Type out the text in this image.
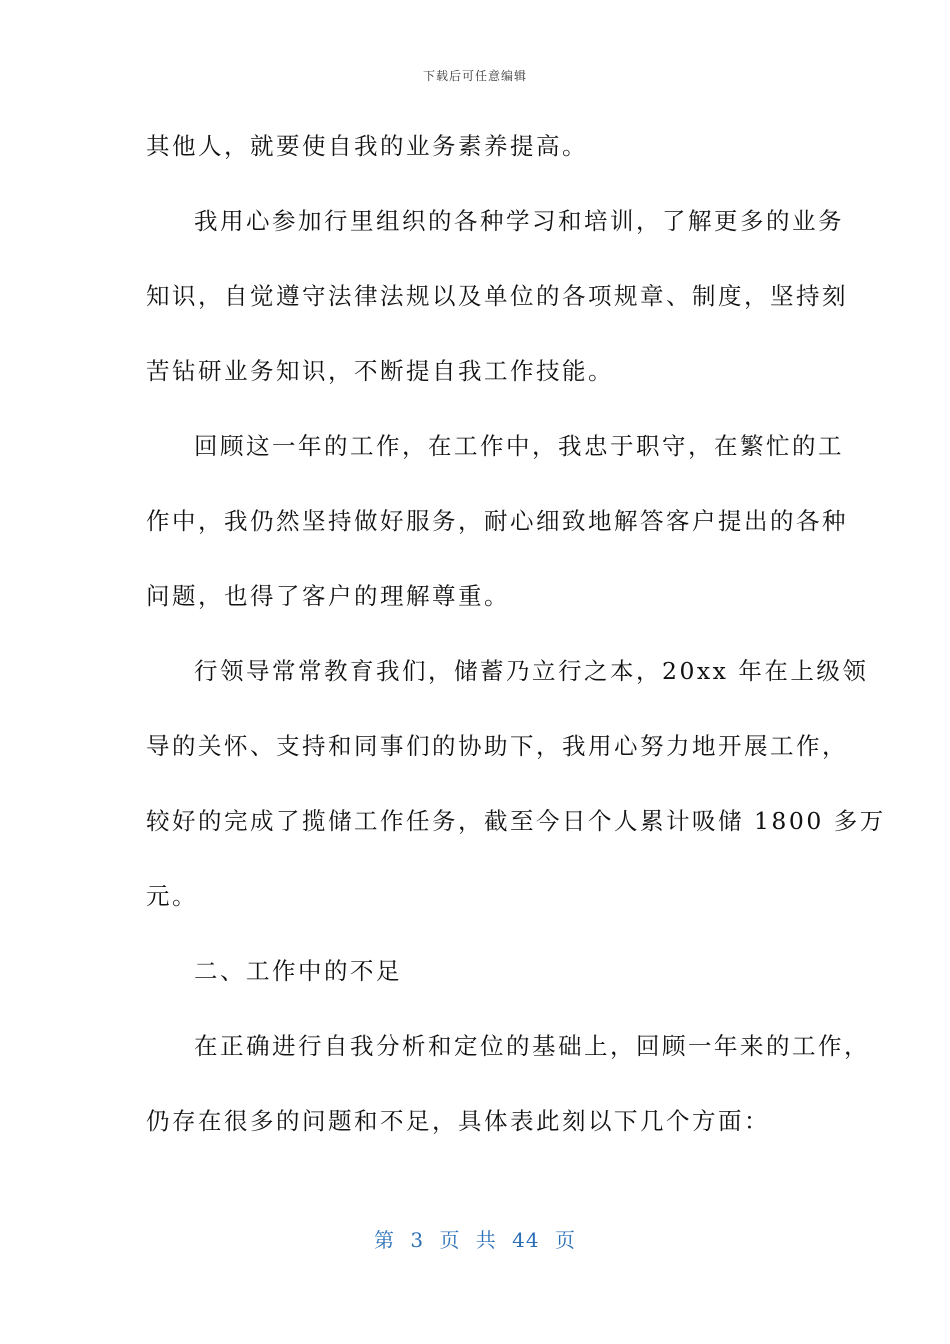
下载后可任意编辑
其他人，就要使自我的业务素养提高。
我用心参加行里组织的各种学习和培训，了解更多的业务
知识，自觉遵守法律法规以及单位的各项规章、制度，坚持刻
苦钻研业务知识，不断提自我工作技能。
回顾这一年的工作，在工作中，我忠于职守，在繁忙的工
作中，我仍然坚持做好服务，耐心细致地解答客户提出的各种
问题，也得了客户的理解尊重。
行领导常常教育我们，储蓄乃立行之本，20xx 年在上级领
导的关怀、支持和同事们的协助下，我用心努力地开展工作，
较好的完成了揽储工作任务，截至今日个人累计吸储 1800 多万
元。
二、工作中的不足
在正确进行自我分析和定位的基础上，回顾一年来的工作，
仍存在很多的问题和不足，具体表此刻以下几个方面：
第 3 页 共 44 页
